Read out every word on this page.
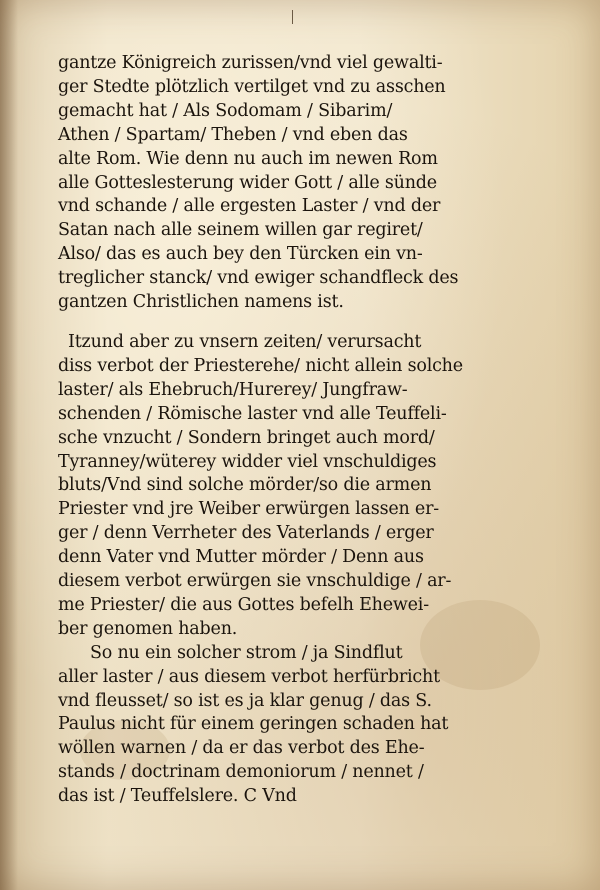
gantze Königreich zurissen/vnd viel gewalti-
ger Stedte plötzlich vertilget vnd zu asschen
gemacht hat / Als Sodomam / Sibarim/
Athen / Spartam/ Theben / vnd eben das
alte Rom. Wie denn nu auch im newen Rom
alle Gotteslesterung wider Gott / alle sünde
vnd schande / alle ergesten Laster / vnd der
Satan nach alle seinem willen gar regiret/
Also/ das es auch bey den Türcken ein vn-
treglicher stanck/ vnd ewiger schandfleck des
gantzen Christlichen namens ist.
Itzund aber zu vnsern zeiten/ verursacht
diss verbot der Priesterehe/ nicht allein solche
laster/ als Ehebruch/Hurerey/ Jungfraw-
schenden / Römische laster vnd alle Teuffeli-
sche vnzucht / Sondern bringet auch mord/
Tyranney/wüterey widder viel vnschuldiges
bluts/Vnd sind solche mörder/so die armen
Priester vnd jre Weiber erwürgen lassen er-
ger / denn Verrheter des Vaterlands / erger
denn Vater vnd Mutter mörder / Denn aus
diesem verbot erwürgen sie vnschuldige / ar-
me Priester/ die aus Gottes befelh Ehewei-
ber genomen haben.
So nu ein solcher strom / ja Sindflut
aller laster / aus diesem verbot herfürbricht
vnd fleusset/ so ist es ja klar genug / das S.
Paulus nicht für einem geringen schaden hat
wöllen warnen / da er das verbot des Ehe-
stands / doctrinam demoniorum / nennet /
das ist / Teuffelslere. C Vnd
